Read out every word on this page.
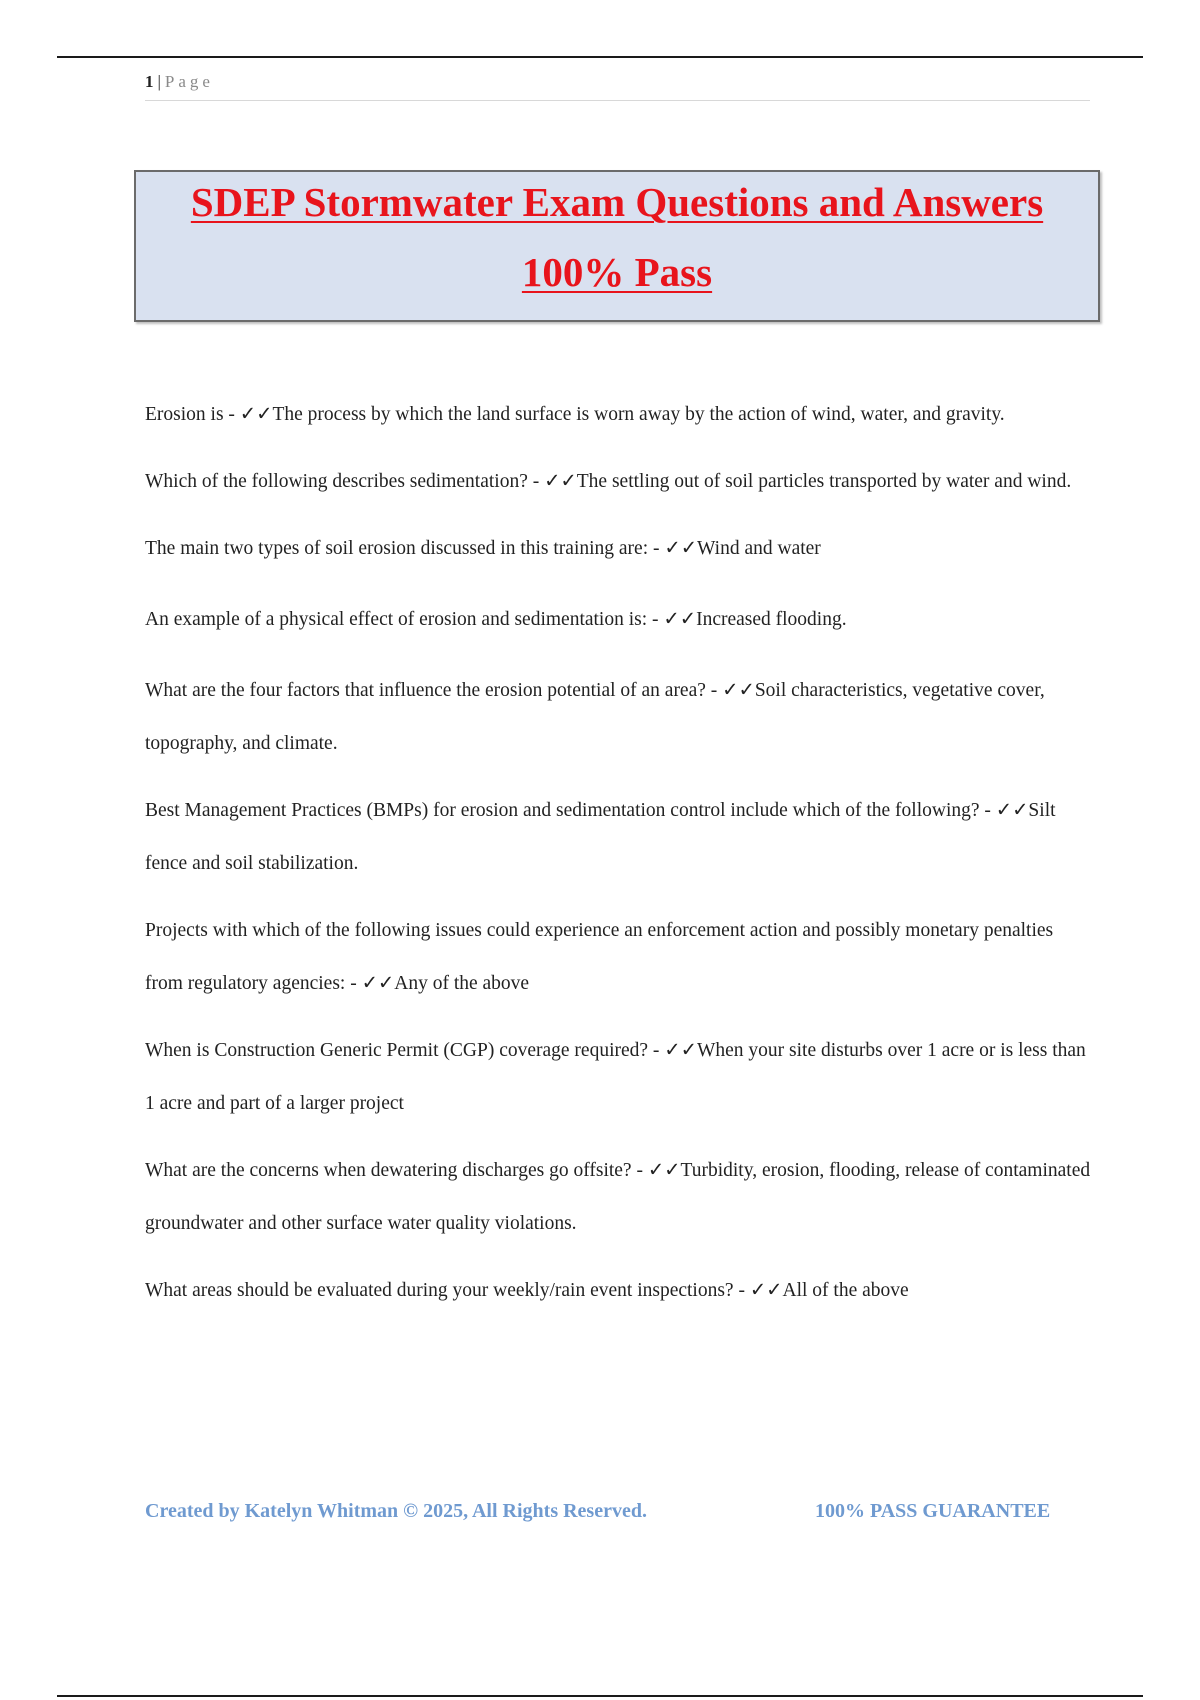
1 | Page
SDEP Stormwater Exam Questions and Answers
100% Pass

Erosion is - ✓✓The process by which the land surface is worn away by the action of wind, water, and gravity.

Which of the following describes sedimentation? - ✓✓The settling out of soil particles transported by water and wind.

The main two types of soil erosion discussed in this training are: - ✓✓Wind and water

An example of a physical effect of erosion and sedimentation is: - ✓✓Increased flooding.

What are the four factors that influence the erosion potential of an area? - ✓✓Soil characteristics, vegetative cover, topography, and climate.

Best Management Practices (BMPs) for erosion and sedimentation control include which of the following? - ✓✓Silt fence and soil stabilization.

Projects with which of the following issues could experience an enforcement action and possibly monetary penalties from regulatory agencies: - ✓✓Any of the above

When is Construction Generic Permit (CGP) coverage required? - ✓✓When your site disturbs over 1 acre or is less than 1 acre and part of a larger project

What are the concerns when dewatering discharges go offsite? - ✓✓Turbidity, erosion, flooding, release of contaminated groundwater and other surface water quality violations.

What areas should be evaluated during your weekly/rain event inspections? - ✓✓All of the above

Created by Katelyn Whitman © 2025, All Rights Reserved.	100% PASS GUARANTEE
